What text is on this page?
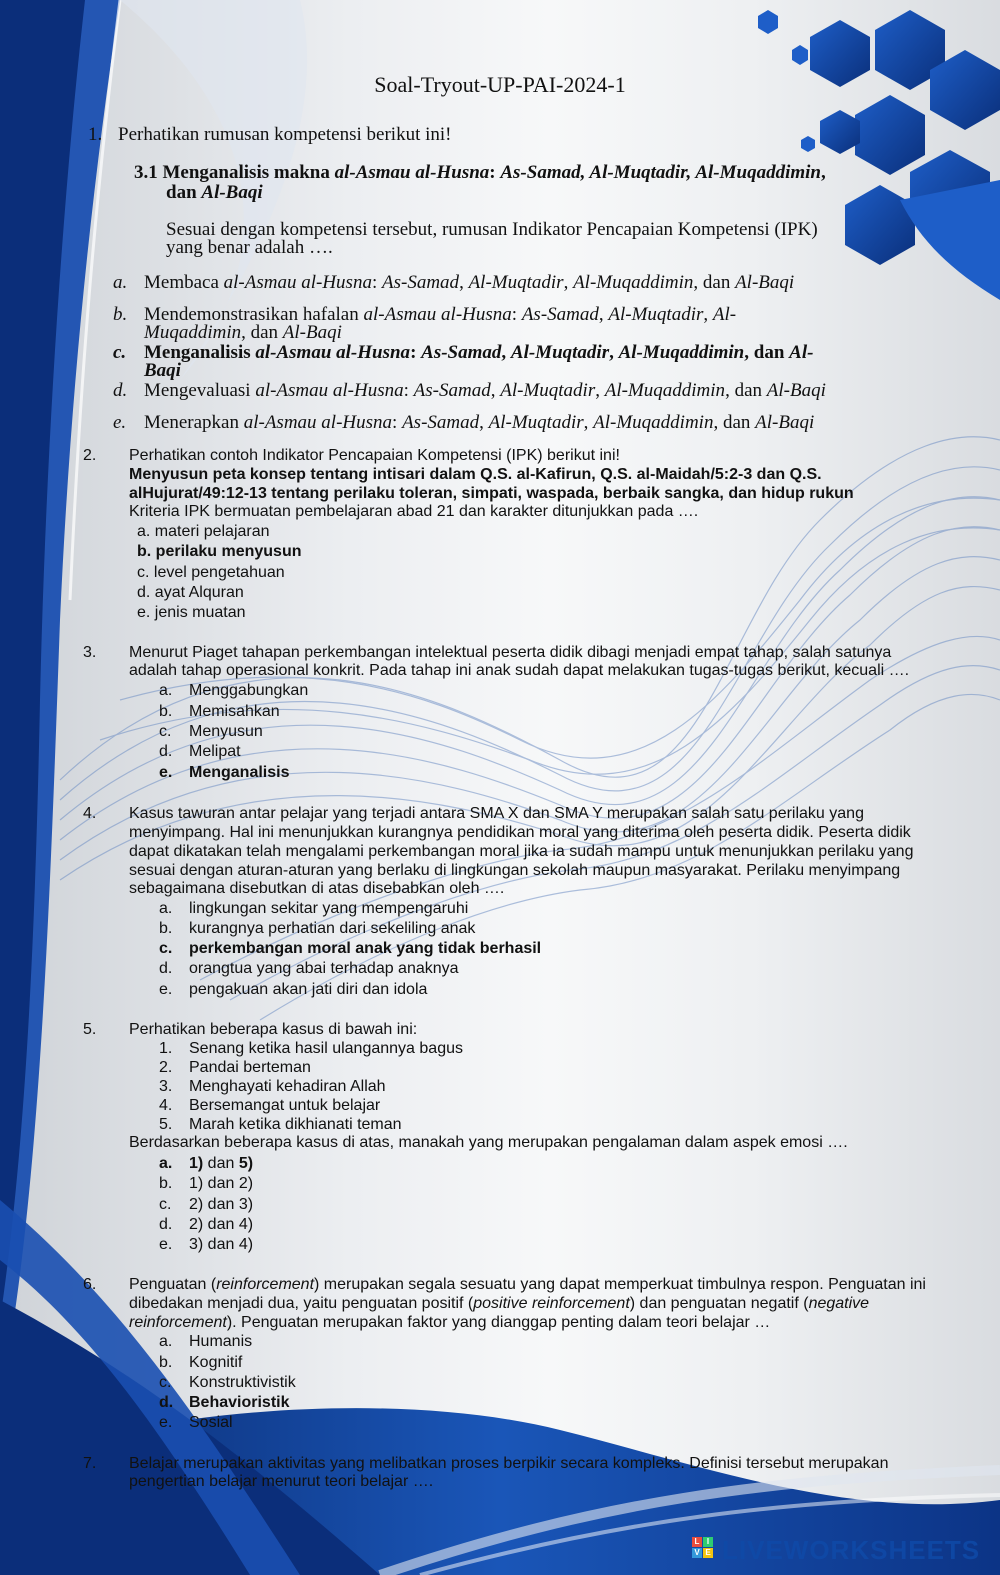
Soal-Tryout-UP-PAI-2024-1
1. Perhatikan rumusan kompetensi berikut ini!
3.1 Menganalisis makna al-Asmau al-Husna: As-Samad, Al-Muqtadir, Al-Muqaddimin,
dan Al-Baqi
Sesuai dengan kompetensi tersebut, rumusan Indikator Pencapaian Kompetensi (IPK)
yang benar adalah ….
a. Membaca al-Asmau al-Husna: As-Samad, Al-Muqtadir, Al-Muqaddimin, dan Al-Baqi
b. Mendemonstrasikan hafalan al-Asmau al-Husna: As-Samad, Al-Muqtadir, Al-
Muqaddimin, dan Al-Baqi
c. Menganalisis al-Asmau al-Husna: As-Samad, Al-Muqtadir, Al-Muqaddimin, dan Al-
Baqi
d. Mengevaluasi al-Asmau al-Husna: As-Samad, Al-Muqtadir, Al-Muqaddimin, dan Al-Baqi
e. Menerapkan al-Asmau al-Husna: As-Samad, Al-Muqtadir, Al-Muqaddimin, dan Al-Baqi
2. Perhatikan contoh Indikator Pencapaian Kompetensi (IPK) berikut ini!
Menyusun peta konsep tentang intisari dalam Q.S. al-Kafirun, Q.S. al-Maidah/5:2-3 dan Q.S.
alHujurat/49:12-13 tentang perilaku toleran, simpati, waspada, berbaik sangka, dan hidup rukun
Kriteria IPK bermuatan pembelajaran abad 21 dan karakter ditunjukkan pada ….
a. materi pelajaran
b. perilaku menyusun
c. level pengetahuan
d. ayat Alquran
e. jenis muatan
3. Menurut Piaget tahapan perkembangan intelektual peserta didik dibagi menjadi empat tahap, salah satunya
adalah tahap operasional konkrit. Pada tahap ini anak sudah dapat melakukan tugas-tugas berikut, kecuali ….
a. Menggabungkan
b. Memisahkan
c. Menyusun
d. Melipat
e. Menganalisis
4. Kasus tawuran antar pelajar yang terjadi antara SMA X dan SMA Y merupakan salah satu perilaku yang
menyimpang. Hal ini menunjukkan kurangnya pendidikan moral yang diterima oleh peserta didik. Peserta didik
dapat dikatakan telah mengalami perkembangan moral jika ia sudah mampu untuk menunjukkan perilaku yang
sesuai dengan aturan-aturan yang berlaku di lingkungan sekolah maupun masyarakat. Perilaku menyimpang
sebagaimana disebutkan di atas disebabkan oleh ….
a. lingkungan sekitar yang mempengaruhi
b. kurangnya perhatian dari sekeliling anak
c. perkembangan moral anak yang tidak berhasil
d. orangtua yang abai terhadap anaknya
e. pengakuan akan jati diri dan idola
5. Perhatikan beberapa kasus di bawah ini:
1. Senang ketika hasil ulangannya bagus
2. Pandai berteman
3. Menghayati kehadiran Allah
4. Bersemangat untuk belajar
5. Marah ketika dikhianati teman
Berdasarkan beberapa kasus di atas, manakah yang merupakan pengalaman dalam aspek emosi ….
a. 1) dan 5)
b. 1) dan 2)
c. 2) dan 3)
d. 2) dan 4)
e. 3) dan 4)
6. Penguatan (reinforcement) merupakan segala sesuatu yang dapat memperkuat timbulnya respon. Penguatan ini
dibedakan menjadi dua, yaitu penguatan positif (positive reinforcement) dan penguatan negatif (negative
reinforcement). Penguatan merupakan faktor yang dianggap penting dalam teori belajar …
a. Humanis
b. Kognitif
c. Konstruktivistik
d. Behavioristik
e. Sosial
7. Belajar merupakan aktivitas yang melibatkan proses berpikir secara kompleks. Definisi tersebut merupakan
pengertian belajar menurut teori belajar ….
L I
V E LIVEWORKSHEETS
